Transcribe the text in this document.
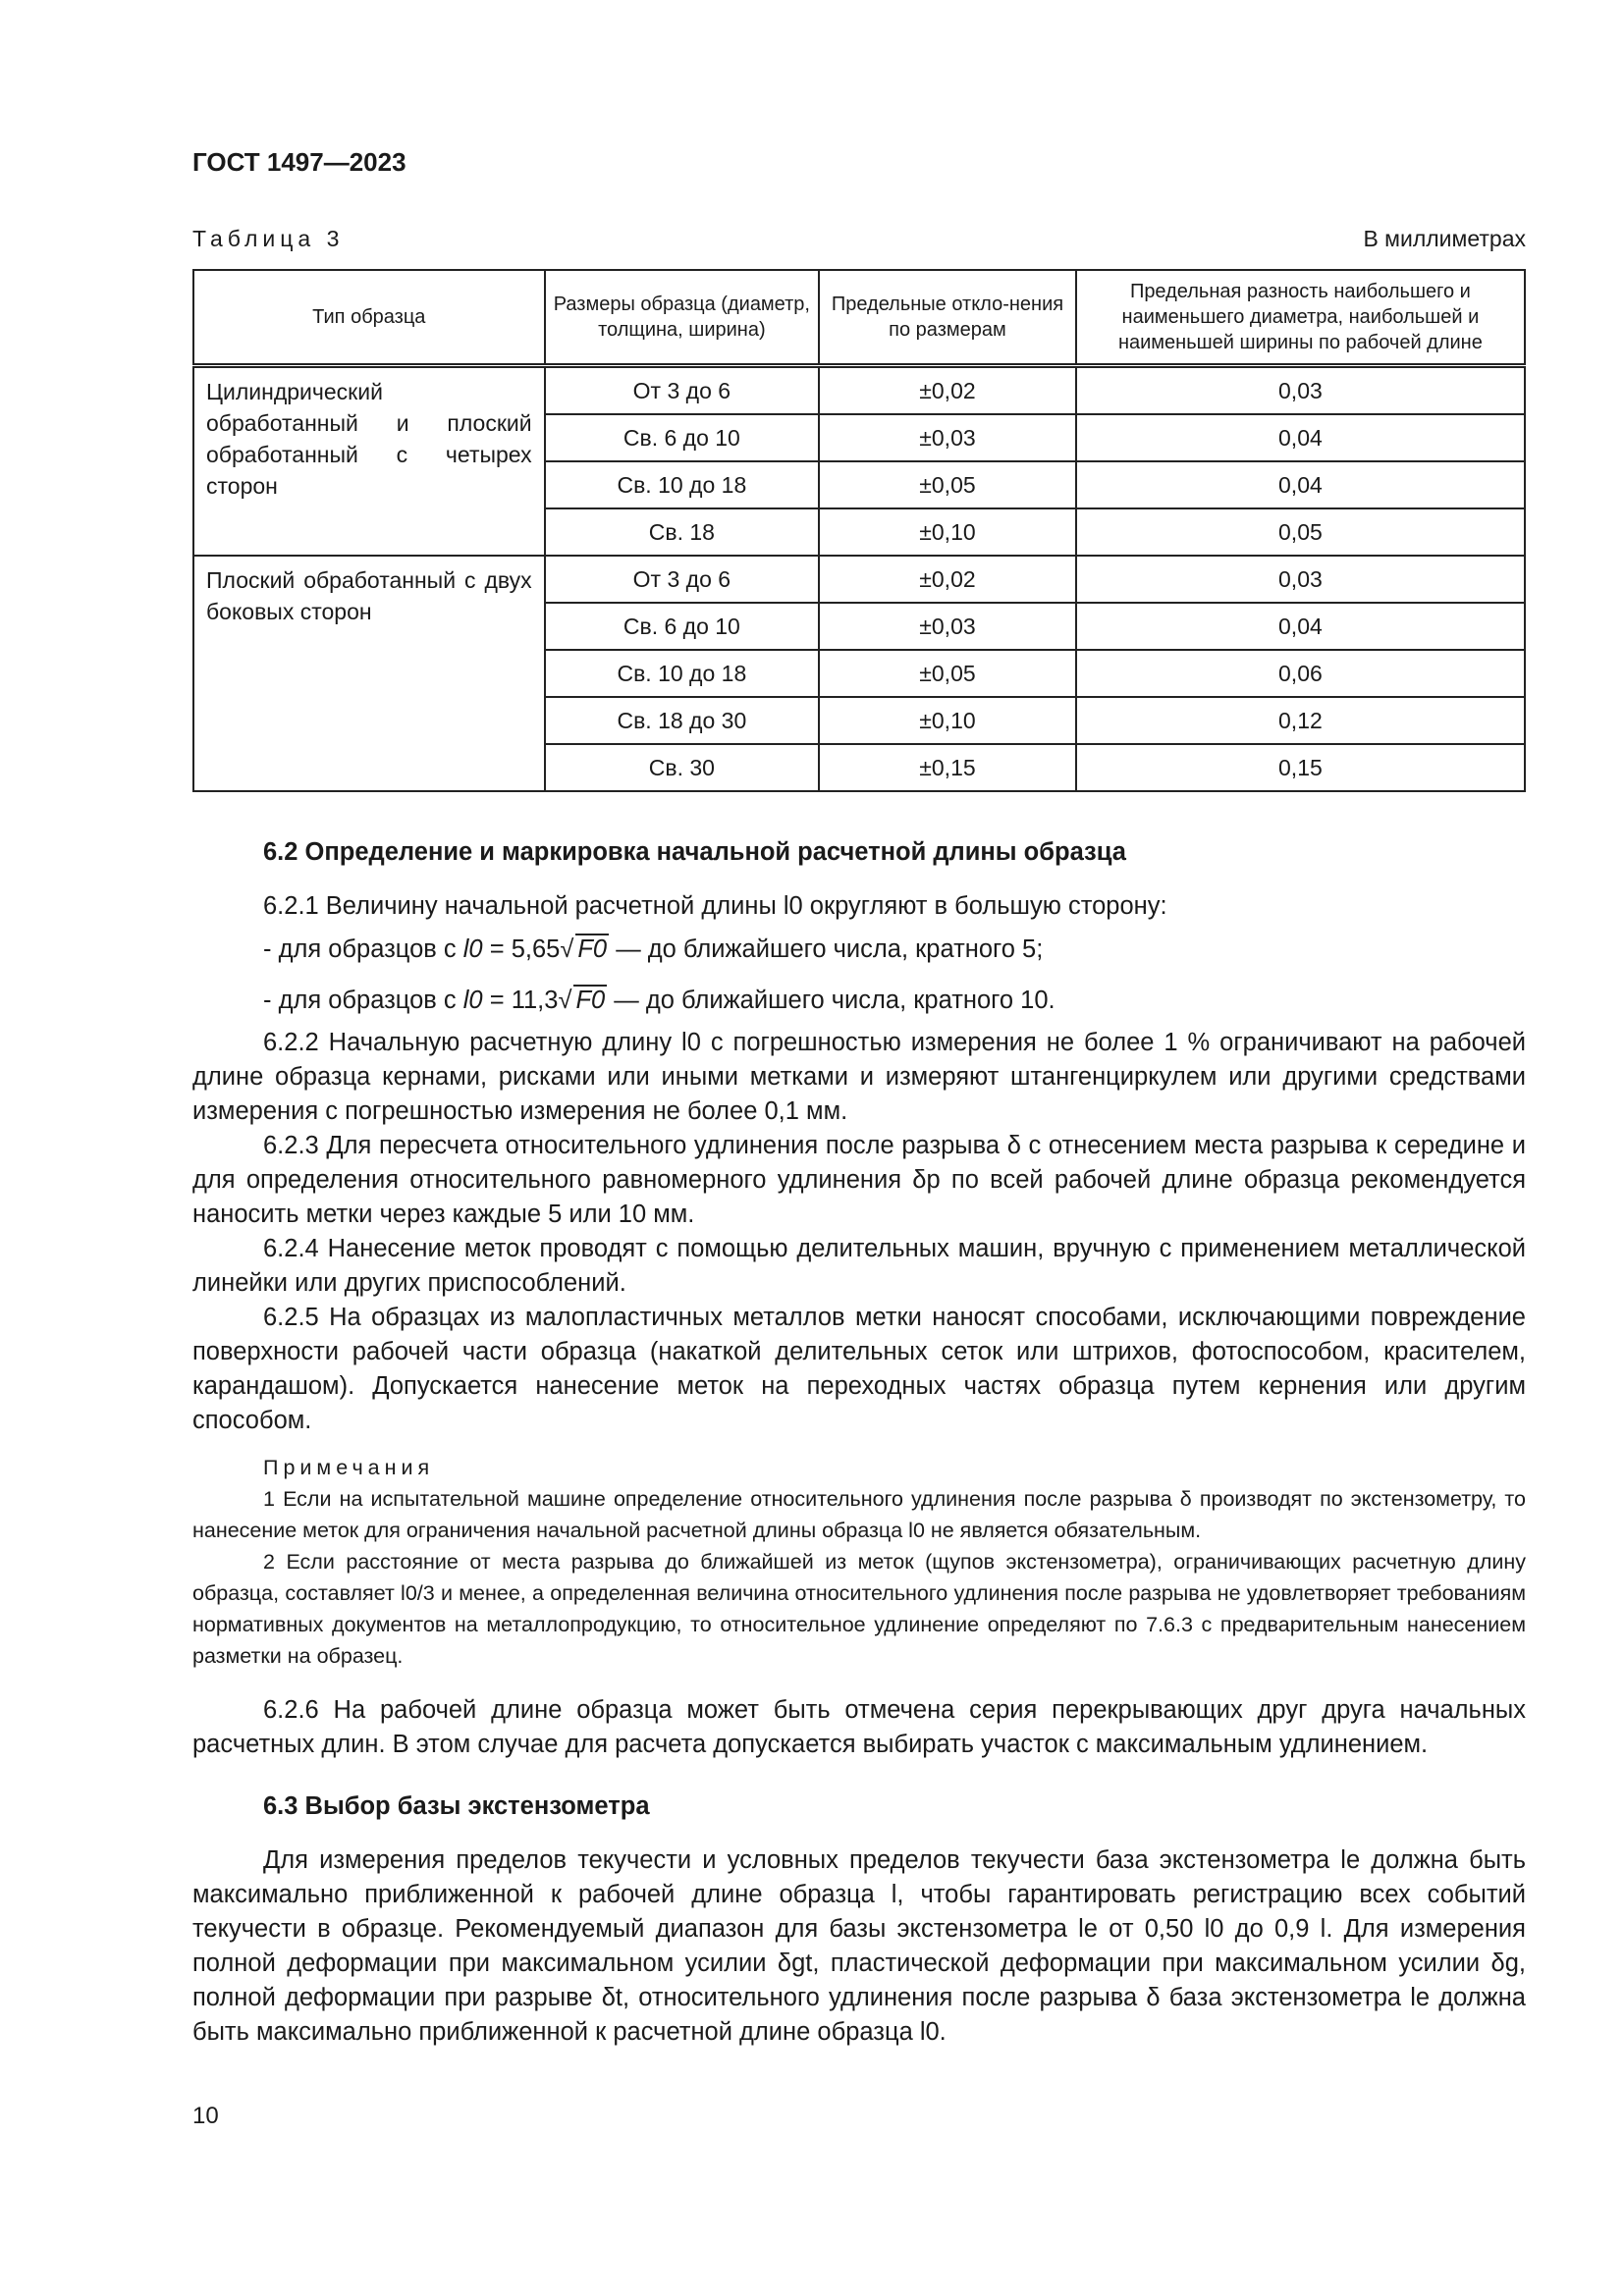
ГОСТ 1497—2023
Таблица 3	В миллиметрах
Тип образца	Размеры образца (диаметр, толщина, ширина)	Предельные откло-нения по размерам	Предельная разность наибольшего и наименьшего диаметра, наибольшей и наименьшей ширины по рабочей длине
Цилиндрический обработанный и плоский обработанный с четырех сторон	От 3 до 6	±0,02	0,03
	Св. 6 до 10	±0,03	0,04
	Св. 10 до 18	±0,05	0,04
	Св. 18	±0,10	0,05
Плоский обработанный с двух боковых сторон	От 3 до 6	±0,02	0,03
	Св. 6 до 10	±0,03	0,04
	Св. 10 до 18	±0,05	0,06
	Св. 18 до 30	±0,10	0,12
	Св. 30	±0,15	0,15

6.2 Определение и маркировка начальной расчетной длины образца

6.2.1 Величину начальной расчетной длины l0 округляют в большую сторону:

- для образцов с l0 = 5,65√ F0 — до ближайшего числа, кратного 5;
- для образцов с l0 = 11,3√ F0 — до ближайшего числа, кратного 10.

6.2.2 Начальную расчетную длину l0 с погрешностью измерения не более 1 % ограничивают на рабочей длине образца кернами, рисками или иными метками и измеряют штангенциркулем или другими средствами измерения с погрешностью измерения не более 0,1 мм.

6.2.3 Для пересчета относительного удлинения после разрыва δ с отнесением места разрыва к середине и для определения относительного равномерного удлинения δp по всей рабочей длине образца рекомендуется наносить метки через каждые 5 или 10 мм.

6.2.4 Нанесение меток проводят с помощью делительных машин, вручную с применением металлической линейки или других приспособлений.

6.2.5 На образцах из малопластичных металлов метки наносят способами, исключающими повреждение поверхности рабочей части образца (накаткой делительных сеток или штрихов, фотоспособом, красителем, карандашом). Допускается нанесение меток на переходных частях образца путем кернения или другим способом.

Примечания

1 Если на испытательной машине определение относительного удлинения после разрыва δ производят по экстензометру, то нанесение меток для ограничения начальной расчетной длины образца l0 не является обязательным.

2 Если расстояние от места разрыва до ближайшей из меток (щупов экстензометра), ограничивающих расчетную длину образца, составляет l0/3 и менее, а определенная величина относительного удлинения после разрыва не удовлетворяет требованиям нормативных документов на металлопродукцию, то относительное удлинение определяют по 7.6.3 с предварительным нанесением разметки на образец.

6.2.6 На рабочей длине образца может быть отмечена серия перекрывающих друг друга начальных расчетных длин. В этом случае для расчета допускается выбирать участок с максимальным удлинением.

6.3 Выбор базы экстензометра

Для измерения пределов текучести и условных пределов текучести база экстензометра le должна быть максимально приближенной к рабочей длине образца l, чтобы гарантировать регистрацию всех событий текучести в образце. Рекомендуемый диапазон для базы экстензометра le от 0,50 l0 до 0,9 l. Для измерения полной деформации при максимальном усилии δgt, пластической деформации при максимальном усилии δg, полной деформации при разрыве δt, относительного удлинения после разрыва δ база экстензометра le должна быть максимально приближенной к расчетной длине образца l0.

10
